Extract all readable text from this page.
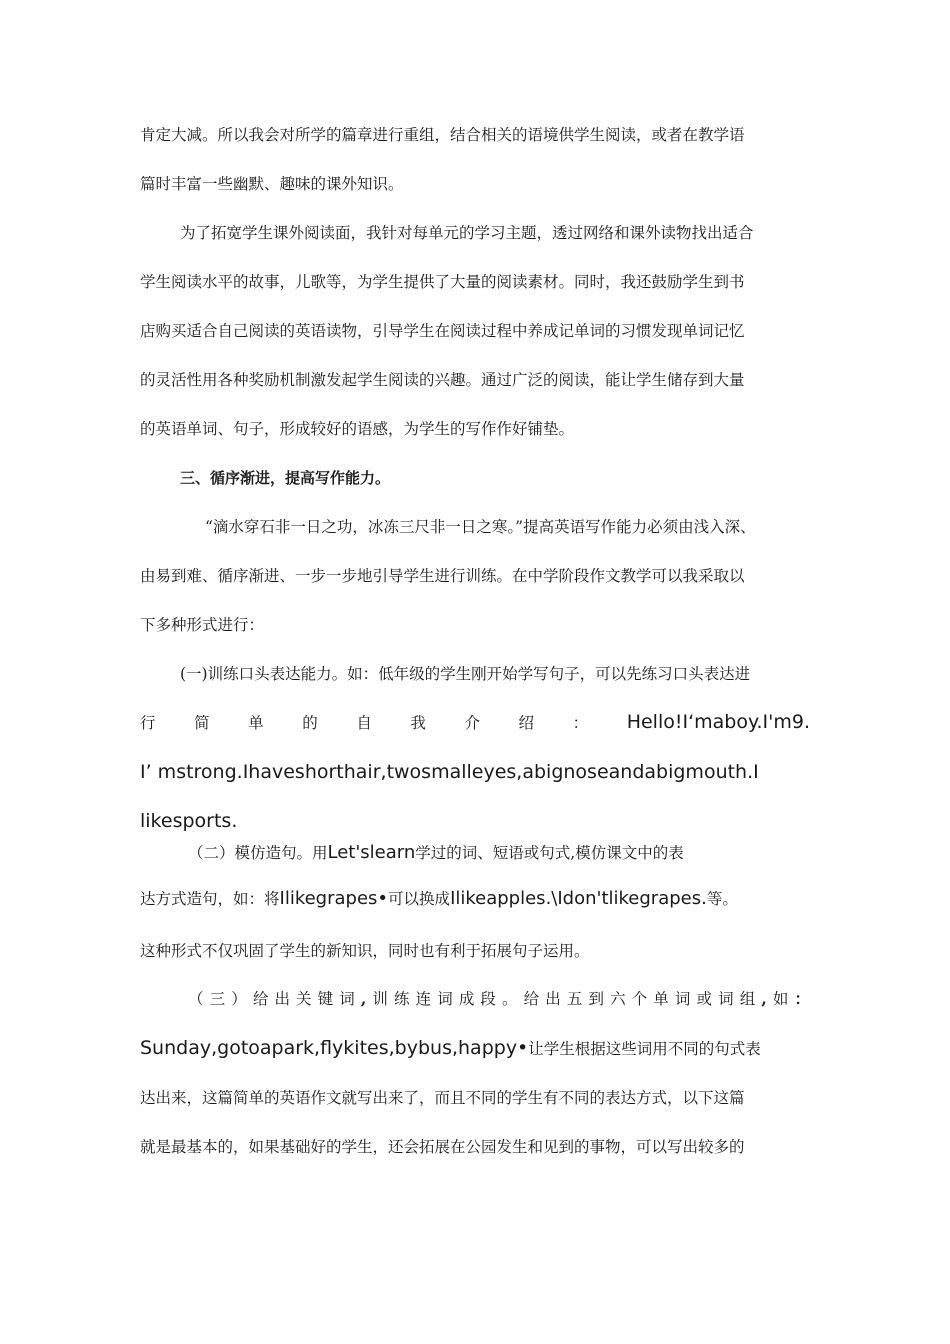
肯定大减。所以我会对所学的篇章进行重组，结合相关的语境供学生阅读，或者在教学语
篇时丰富一些幽默、趣味的课外知识。
为了拓宽学生课外阅读面，我针对每单元的学习主题，透过网络和课外读物找出适合
学生阅读水平的故事，儿歌等，为学生提供了大量的阅读素材。同时，我还鼓励学生到书
店购买适合自己阅读的英语读物，引导学生在阅读过程中养成记单词的习惯发现单词记忆
的灵活性用各种奖励机制激发起学生阅读的兴趣。通过广泛的阅读，能让学生储存到大量
的英语单词、句子，形成较好的语感，为学生的写作作好铺垫。
三、循序渐进，提高写作能力。
“滴水穿石非一日之功，冰冻三尺非一日之寒。”提高英语写作能力必须由浅入深、
由易到难、循序渐进、一步一步地引导学生进行训练。在中学阶段作文教学可以我采取以
下多种形式进行：
(一)训练口头表达能力。如：低年级的学生刚开始学写句子，可以先练习口头表达进
行 简 单 的 自 我 介 绍 ： Hello!I‘maboy.I'm9.
I’ mstrong.Ihaveshorthair,twosmalleyes,abignoseandabigmouth.I
likesports.
（二）模仿造句。用Let'slearn学过的词、短语或句式,模仿课文中的表
达方式造句，如：将Ilikegrapes•可以换成Ilikeapples.\Idon'tlikegrapes.等。
这种形式不仅巩固了学生的新知识，同时也有利于拓展句子运用。
（ 三 ） 给 出 关 键 词 , 训 练 连 词 成 段 。 给 出 五 到 六 个 单 词 或 词 组 , 如 ：
Sunday,gotoapark,flykites,bybus,happy•让学生根据这些词用不同的句式表
达出来，这篇简单的英语作文就写出来了，而且不同的学生有不同的表达方式，以下这篇
就是最基本的，如果基础好的学生，还会拓展在公园发生和见到的事物，可以写出较多的
